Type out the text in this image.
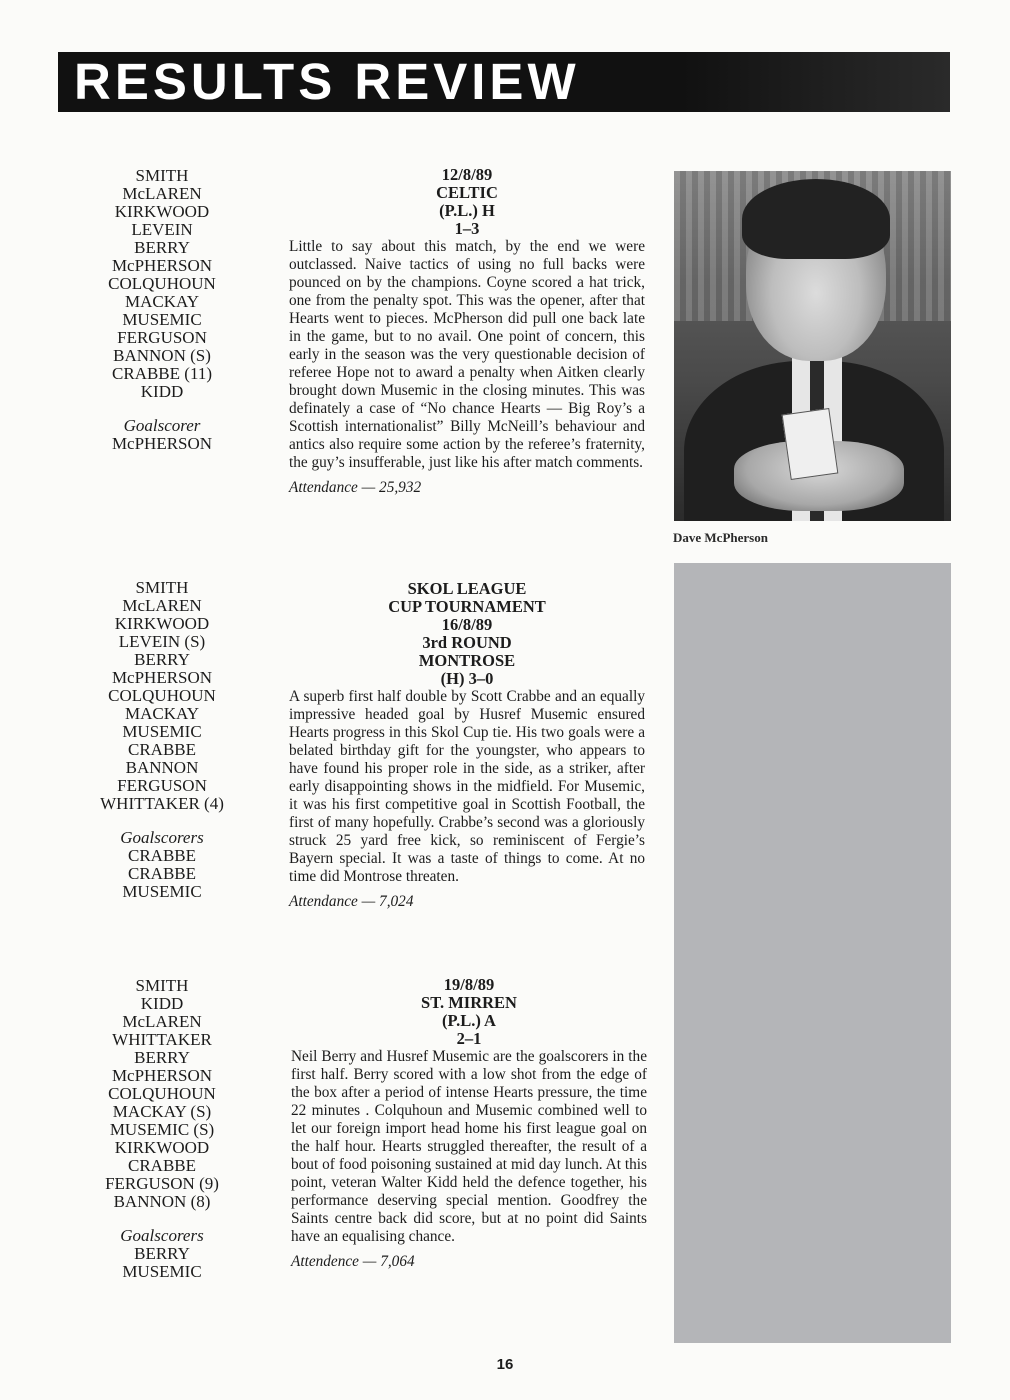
RESULTS REVIEW
SMITH
McLAREN
KIRKWOOD
LEVEIN
BERRY
McPHERSON
COLQUHOUN
MACKAY
MUSEMIC
FERGUSON
BANNON (S)
CRABBE (11)
KIDD
Goalscorer
McPHERSON
12/8/89
CELTIC
(P.L.) H
1–3

Little to say about this match, by the end we were outclassed. Naive tactics of using no full backs were pounced on by the champions. Coyne scored a hat trick, one from the penalty spot. This was the opener, after that Hearts went to pieces. McPherson did pull one back late in the game, but to no avail. One point of concern, this early in the season was the very questionable decision of referee Hope not to award a penalty when Aitken clearly brought down Musemic in the closing minutes. This was definately a case of “No chance Hearts — Big Roy’s a Scottish internationalist” Billy McNeill’s behaviour and antics also require some action by the referee’s fraternity, the guy’s insufferable, just like his after match comments.

Attendance — 25,932
Dave McPherson
SMITH
McLAREN
KIRKWOOD
LEVEIN (S)
BERRY
McPHERSON
COLQUHOUN
MACKAY
MUSEMIC
CRABBE
BANNON
FERGUSON
WHITTAKER (4)
Goalscorers
CRABBE
CRABBE
MUSEMIC
SKOL LEAGUE
CUP TOURNAMENT
16/8/89
3rd ROUND
MONTROSE
(H) 3–0

A superb first half double by Scott Crabbe and an equally impressive headed goal by Husref Musemic ensured Hearts progress in this Skol Cup tie. His two goals were a belated birthday gift for the youngster, who appears to have found his proper role in the side, as a striker, after early disappointing shows in the midfield. For Musemic, it was his first competitive goal in Scottish Football, the first of many hopefully. Crabbe’s second was a gloriously struck 25 yard free kick, so reminiscent of Fergie’s Bayern special. It was a taste of things to come. At no time did Montrose threaten.

Attendance — 7,024
SMITH
KIDD
McLAREN
WHITTAKER
BERRY
McPHERSON
COLQUHOUN
MACKAY (S)
MUSEMIC (S)
KIRKWOOD
CRABBE
FERGUSON (9)
BANNON (8)
Goalscorers
BERRY
MUSEMIC
19/8/89
ST. MIRREN
(P.L.) A
2–1

Neil Berry and Husref Musemic are the goalscorers in the first half. Berry scored with a low shot from the edge of the box after a period of intense Hearts pressure, the time 22 minutes . Colquhoun and Musemic combined well to let our foreign import head home his first league goal on the half hour. Hearts struggled thereafter, the result of a bout of food poisoning sustained at mid day lunch. At this point, veteran Walter Kidd held the defence together, his performance deserving special mention. Goodfrey the Saints centre back did score, but at no point did Saints have an equalising chance.

Attendence — 7,064
16
